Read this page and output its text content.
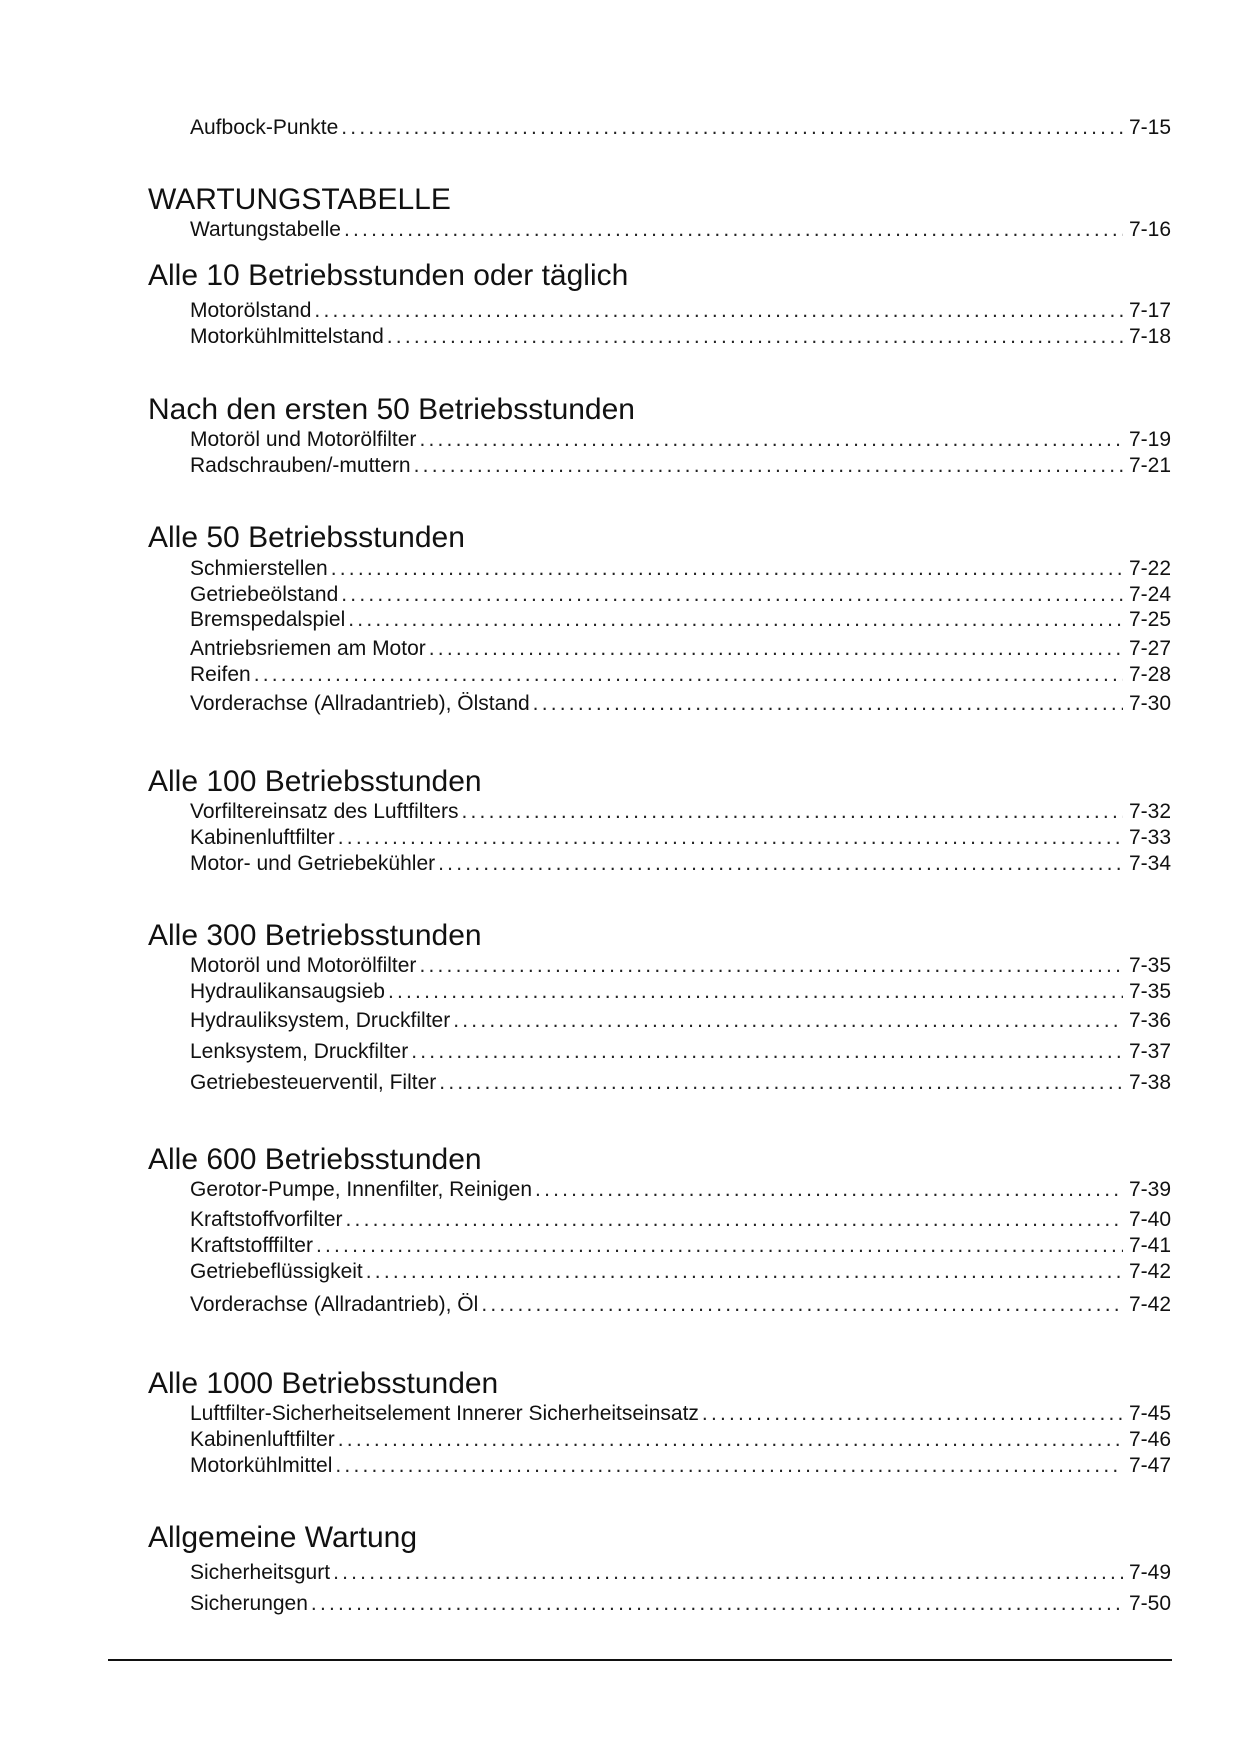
Aufbock-Punkte .....	7-15
WARTUNGSTABELLE
Wartungstabelle .....	7-16
Alle 10 Betriebsstunden oder täglich
Motorölstand .....	7-17
Motorkühlmittelstand .....	7-18
Nach den ersten 50 Betriebsstunden
Motoröl und Motorölfilter .....	7-19
Radschrauben/-muttern .....	7-21
Alle 50 Betriebsstunden
Schmierstellen .....	7-22
Getriebeölstand .....	7-24
Bremspedalspiel .....	7-25
Antriebsriemen am Motor .....	7-27
Reifen .....	7-28
Vorderachse (Allradantrieb), Ölstand .....	7-30
Alle 100 Betriebsstunden
Vorfiltereinsatz des Luftfilters .....	7-32
Kabinenluftfilter .....	7-33
Motor- und Getriebekühler .....	7-34
Alle 300 Betriebsstunden
Motoröl und Motorölfilter .....	7-35
Hydraulikansaugsieb .....	7-35
Hydrauliksystem, Druckfilter .....	7-36
Lenksystem, Druckfilter .....	7-37
Getriebesteuerventil, Filter .....	7-38
Alle 600 Betriebsstunden
Gerotor-Pumpe, Innenfilter, Reinigen .....	7-39
Kraftstoffvorfilter .....	7-40
Kraftstofffilter .....	7-41
Getriebeflüssigkeit .....	7-42
Vorderachse (Allradantrieb), Öl .....	7-42
Alle 1000 Betriebsstunden
Luftfilter-Sicherheitselement Innerer Sicherheitseinsatz .....	7-45
Kabinenluftfilter .....	7-46
Motorkühlmittel .....	7-47
Allgemeine Wartung
Sicherheitsgurt .....	7-49
Sicherungen .....	7-50
